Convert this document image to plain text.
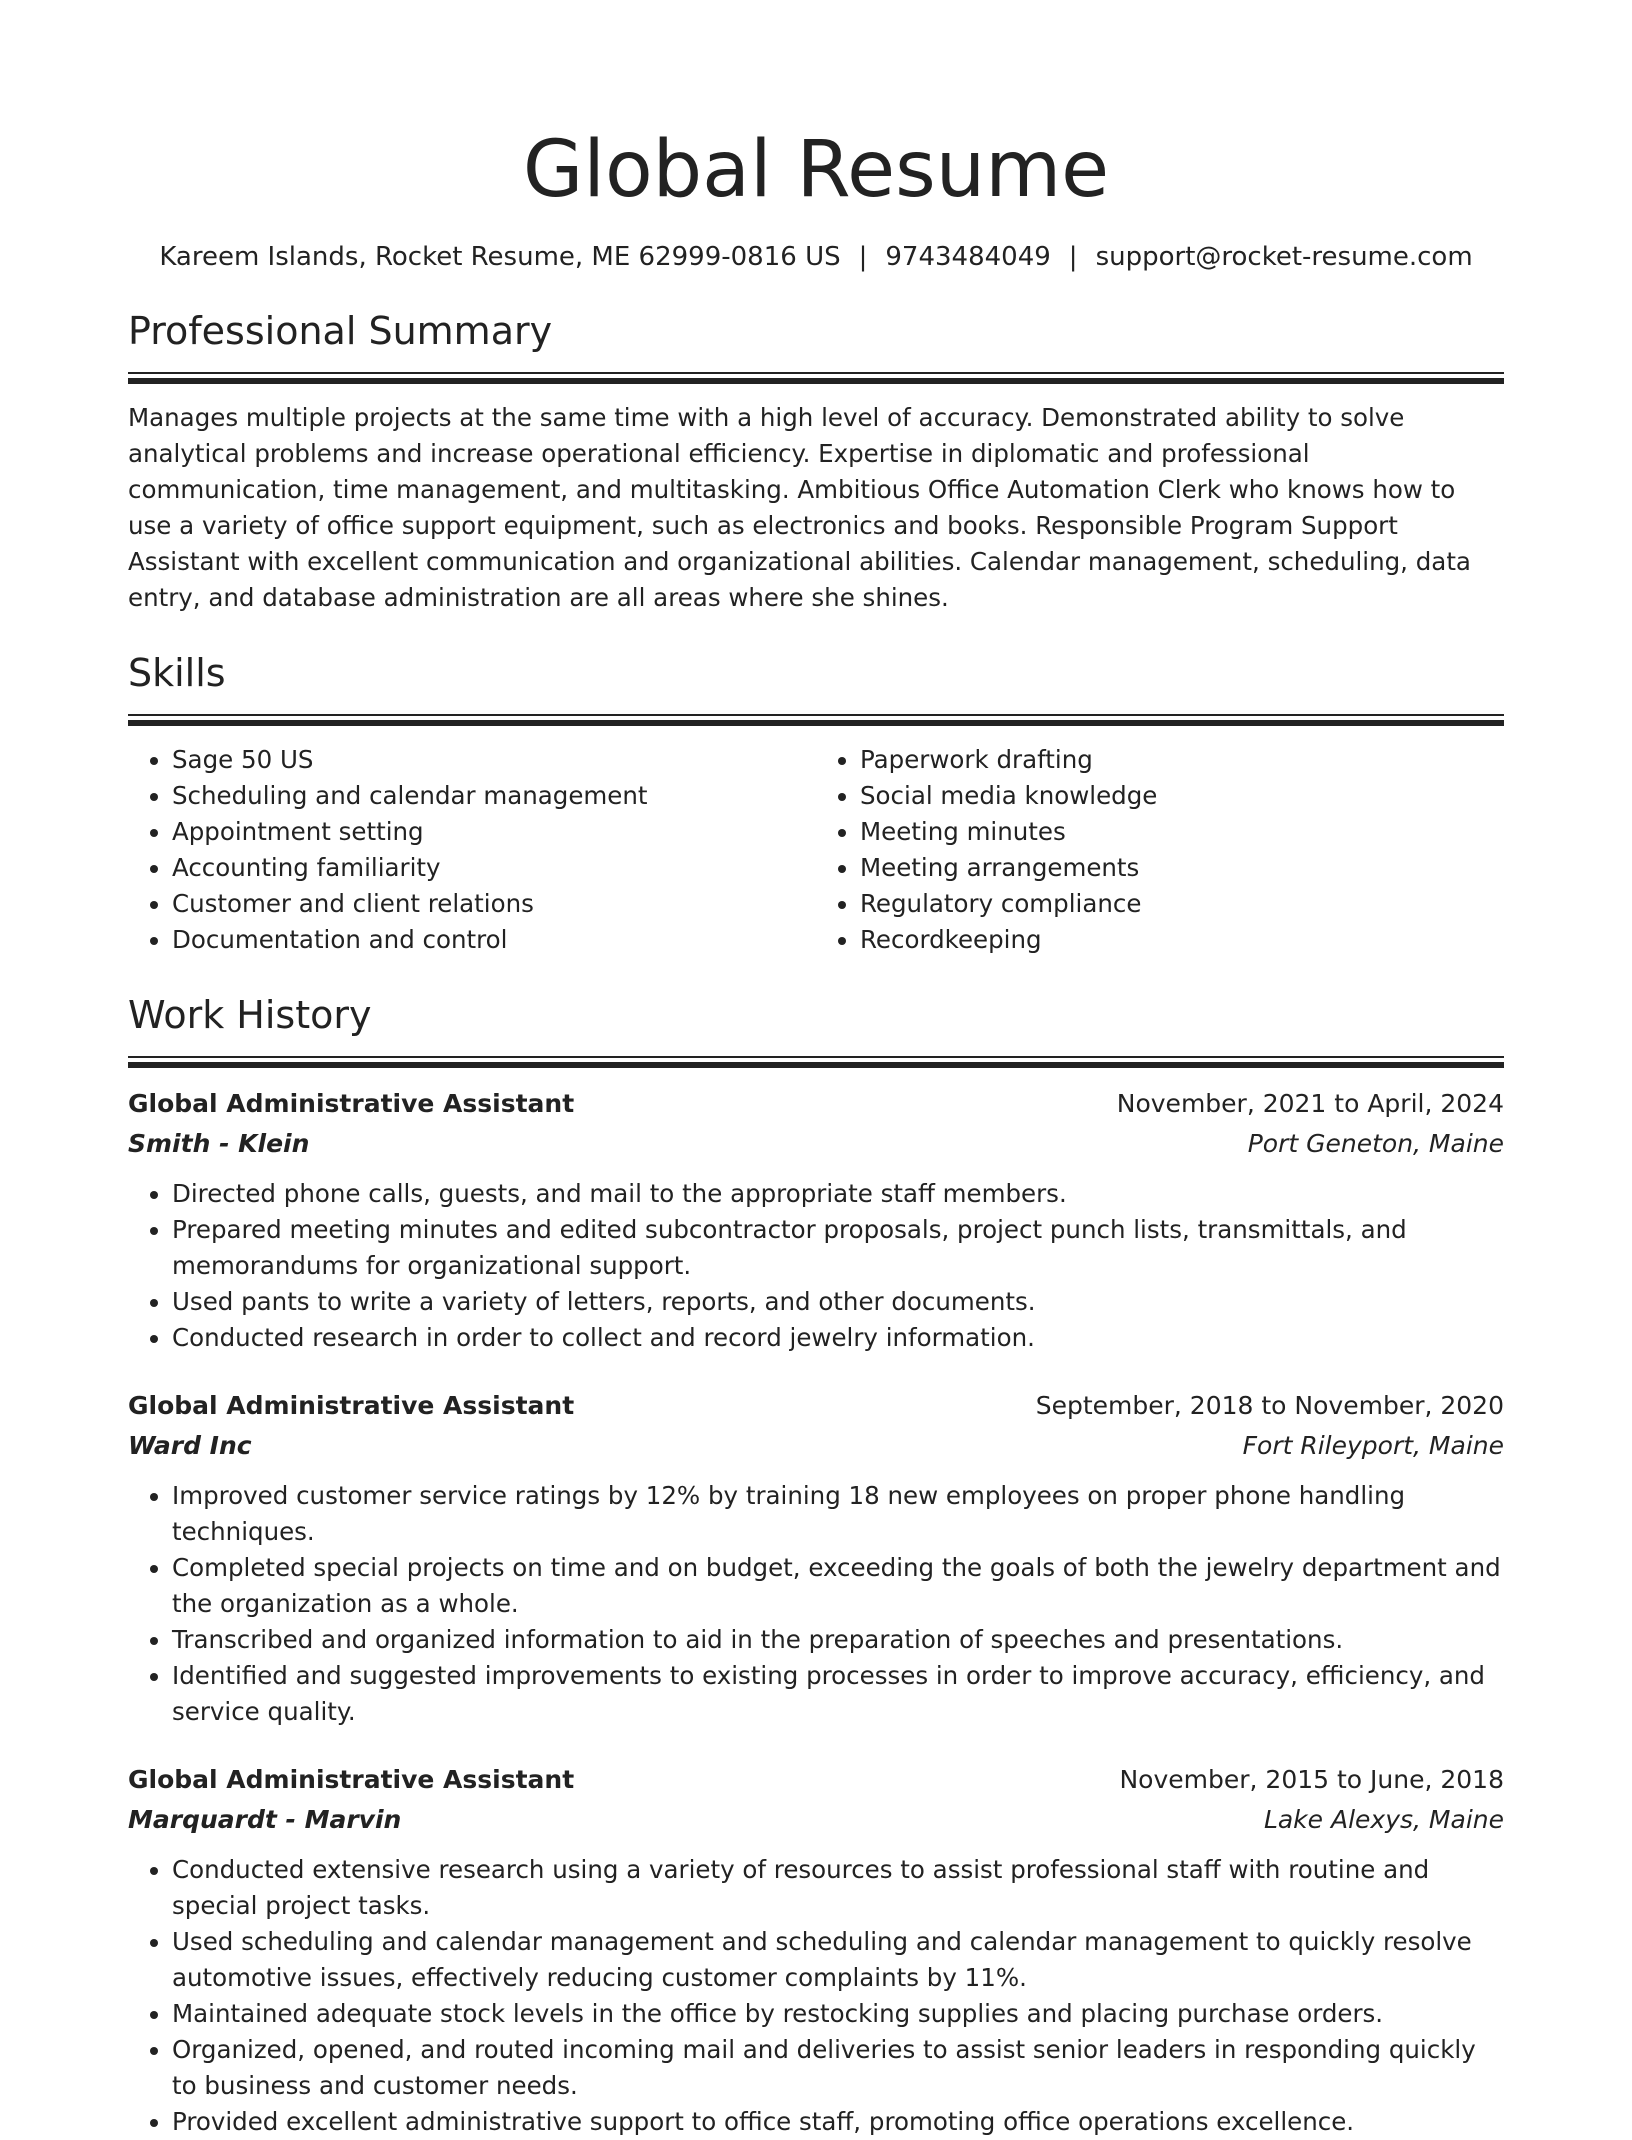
Global Resume
Kareem Islands, Rocket Resume, ME 62999-0816 US | 9743484049 | support@rocket-resume.com
Professional Summary

Manages multiple projects at the same time with a high level of accuracy. Demonstrated ability to solve analytical problems and increase operational efficiency. Expertise in diplomatic and professional communication, time management, and multitasking. Ambitious Office Automation Clerk who knows how to use a variety of office support equipment, such as electronics and books. Responsible Program Support Assistant with excellent communication and organizational abilities. Calendar management, scheduling, data entry, and database administration are all areas where she shines.

Skills
• Sage 50 US
• Scheduling and calendar management
• Appointment setting
• Accounting familiarity
• Customer and client relations
• Documentation and control
• Paperwork drafting
• Social media knowledge
• Meeting minutes
• Meeting arrangements
• Regulatory compliance
• Recordkeeping
Work History
Global Administrative Assistant	November, 2021 to April, 2024
Smith - Klein	Port Geneton, Maine
• Directed phone calls, guests, and mail to the appropriate staff members.
• Prepared meeting minutes and edited subcontractor proposals, project punch lists, transmittals, and memorandums for organizational support.
• Used pants to write a variety of letters, reports, and other documents.
• Conducted research in order to collect and record jewelry information.
Global Administrative Assistant	September, 2018 to November, 2020
Ward Inc	Fort Rileyport, Maine
• Improved customer service ratings by 12% by training 18 new employees on proper phone handling techniques.
• Completed special projects on time and on budget, exceeding the goals of both the jewelry department and the organization as a whole.
• Transcribed and organized information to aid in the preparation of speeches and presentations.
• Identified and suggested improvements to existing processes in order to improve accuracy, efficiency, and service quality.
Global Administrative Assistant	November, 2015 to June, 2018
Marquardt - Marvin	Lake Alexys, Maine
• Conducted extensive research using a variety of resources to assist professional staff with routine and special project tasks.
• Used scheduling and calendar management and scheduling and calendar management to quickly resolve automotive issues, effectively reducing customer complaints by 11%.
• Maintained adequate stock levels in the office by restocking supplies and placing purchase orders.
• Organized, opened, and routed incoming mail and deliveries to assist senior leaders in responding quickly to business and customer needs.
• Provided excellent administrative support to office staff, promoting office operations excellence.
